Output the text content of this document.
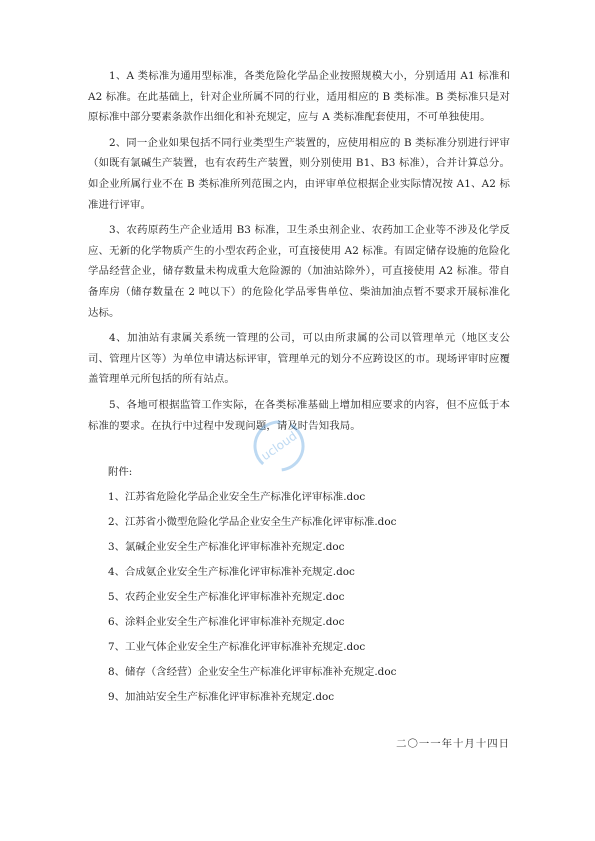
1、A 类标准为通用型标准，各类危险化学品企业按照规模大小，分别适用 A1 标准和 A2 标准。在此基础上，针对企业所属不同的行业，适用相应的 B 类标准。B 类标准只是对原标准中部分要素条款作出细化和补充规定，应与 A 类标准配套使用，不可单独使用。

2、同一企业如果包括不同行业类型生产装置的，应使用相应的 B 类标准分别进行评审（如既有氯碱生产装置，也有农药生产装置，则分别使用 B1、B3 标准），合并计算总分。如企业所属行业不在 B 类标准所列范围之内，由评审单位根据企业实际情况按 A1、A2 标准进行评审。

3、农药原药生产企业适用 B3 标准，卫生杀虫剂企业、农药加工企业等不涉及化学反应、无新的化学物质产生的小型农药企业，可直接使用 A2 标准。有固定储存设施的危险化学品经营企业，储存数量未构成重大危险源的（加油站除外），可直接使用 A2 标准。带自备库房（储存数量在 2 吨以下）的危险化学品零售单位、柴油加油点暂不要求开展标准化达标。

4、加油站有隶属关系统一管理的公司，可以由所隶属的公司以管理单元（地区支公司、管理片区等）为单位申请达标评审，管理单元的划分不应跨设区的市。现场评审时应覆盖管理单元所包括的所有站点。

5、各地可根据监管工作实际，在各类标准基础上增加相应要求的内容，但不应低于本标准的要求。在执行中过程中发现问题，请及时告知我局。

附件:
1、江苏省危险化学品企业安全生产标准化评审标准.doc
2、江苏省小微型危险化学品企业安全生产标准化评审标准.doc
3、氯碱企业安全生产标准化评审标准补充规定.doc
4、合成氨企业安全生产标准化评审标准补充规定.doc
5、农药企业安全生产标准化评审标准补充规定.doc
6、涂料企业安全生产标准化评审标准补充规定.doc
7、工业气体企业安全生产标准化评审标准补充规定.doc
8、储存（含经营）企业安全生产标准化评审标准补充规定.doc
9、加油站安全生产标准化评审标准补充规定.doc
二〇一一年十月十四日
ucloud
